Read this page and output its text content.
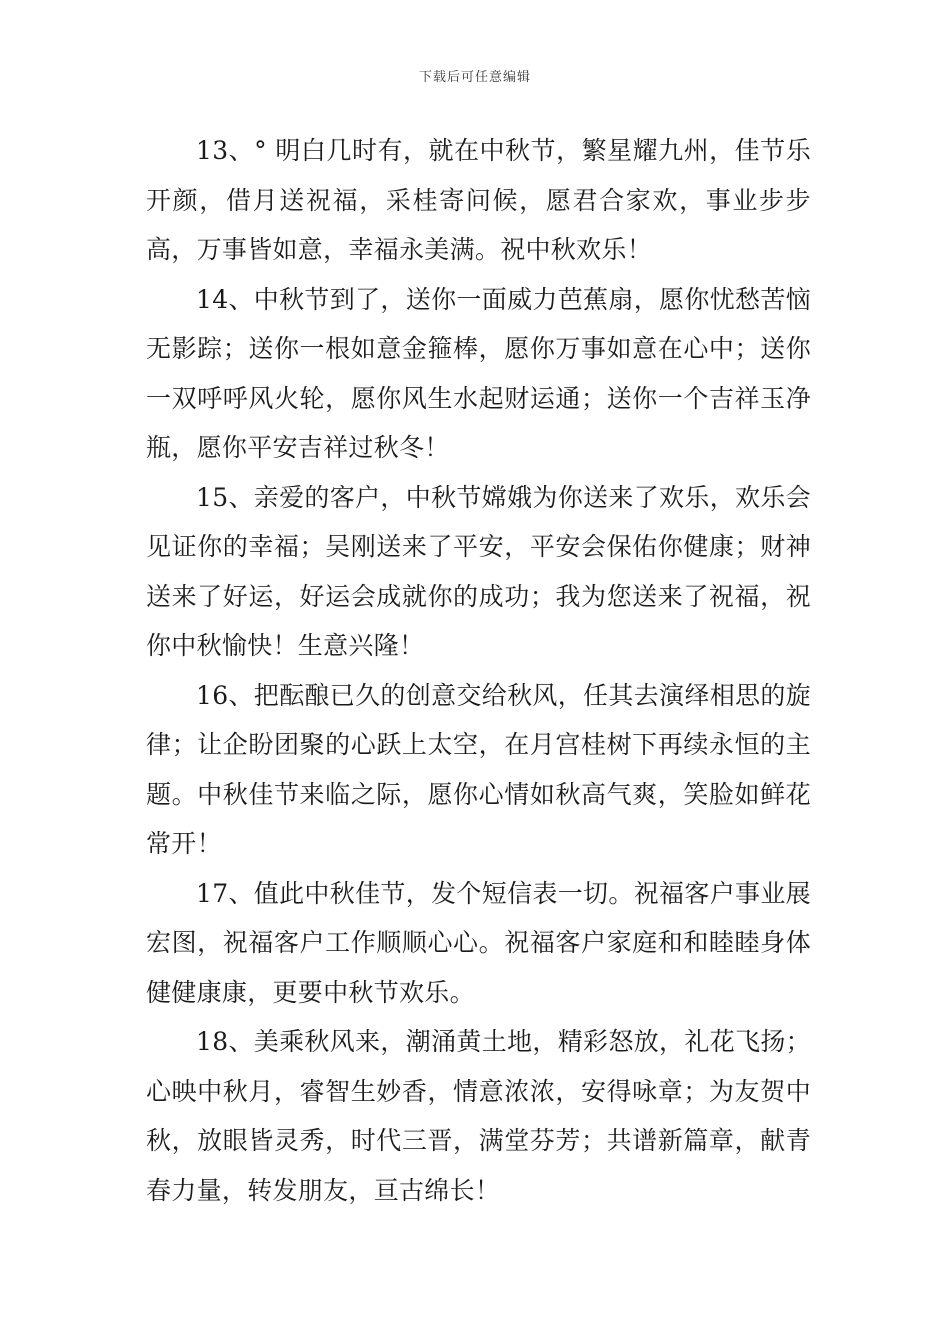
下载后可任意编辑

13、° 明白几时有，就在中秋节，繁星耀九州，佳节乐开颜，借月送祝福，采桂寄问候，愿君合家欢，事业步步高，万事皆如意，幸福永美满。祝中秋欢乐！

14、中秋节到了，送你一面威力芭蕉扇，愿你忧愁苦恼无影踪；送你一根如意金箍棒，愿你万事如意在心中；送你一双呼呼风火轮，愿你风生水起财运通；送你一个吉祥玉净瓶，愿你平安吉祥过秋冬！

15、亲爱的客户，中秋节嫦娥为你送来了欢乐，欢乐会见证你的幸福；吴刚送来了平安，平安会保佑你健康；财神送来了好运，好运会成就你的成功；我为您送来了祝福，祝你中秋愉快！生意兴隆！

16、把酝酿已久的创意交给秋风，任其去演绎相思的旋律；让企盼团聚的心跃上太空，在月宫桂树下再续永恒的主题。中秋佳节来临之际，愿你心情如秋高气爽，笑脸如鲜花常开！

17、值此中秋佳节，发个短信表一切。祝福客户事业展宏图，祝福客户工作顺顺心心。祝福客户家庭和和睦睦身体健健康康，更要中秋节欢乐。

18、美乘秋风来，潮涌黄土地，精彩怒放，礼花飞扬；心映中秋月，睿智生妙香，情意浓浓，安得咏章；为友贺中秋，放眼皆灵秀，时代三晋，满堂芬芳；共谱新篇章，献青春力量，转发朋友，亘古绵长！
